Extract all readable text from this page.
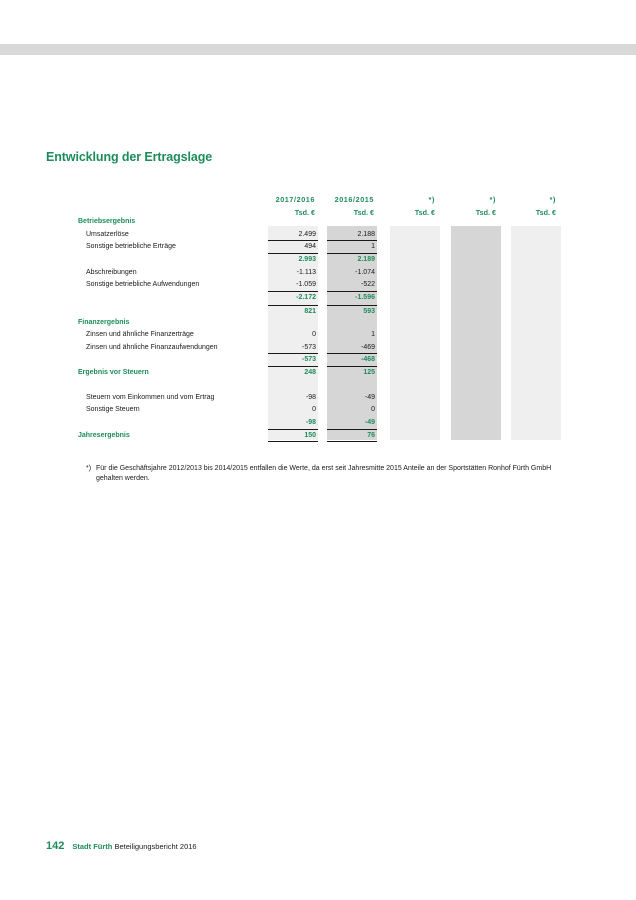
Entwicklung der Ertragslage
2017/2016	2016/2015	*)	*)	*)
Tsd. €	Tsd. €	Tsd. €	Tsd. €	Tsd. €
Betriebsergebnis
Umsatzerlöse	2.499	2.188
Sonstige betriebliche Erträge	494	1
2.993	2.189
Abschreibungen	-1.113	-1.074
Sonstige betriebliche Aufwendungen	-1.059	-522
-2.172	-1.596
821	593
Finanzergebnis
Zinsen und ähnliche Finanzerträge	0	1
Zinsen und ähnliche Finanzaufwendungen	-573	-469
-573	-468
Ergebnis vor Steuern	248	125
Steuern vom Einkommen und vom Ertrag	-98	-49
Sonstige Steuern	0	0
-98	-49
Jahresergebnis	150	76
*) Für die Geschäftsjahre 2012/2013 bis 2014/2015 entfallen die Werte, da erst seit Jahresmitte 2015 Anteile an der Sportstätten Ronhof Fürth GmbH gehalten werden.
142 Stadt Fürth Beteiligungsbericht 2016
